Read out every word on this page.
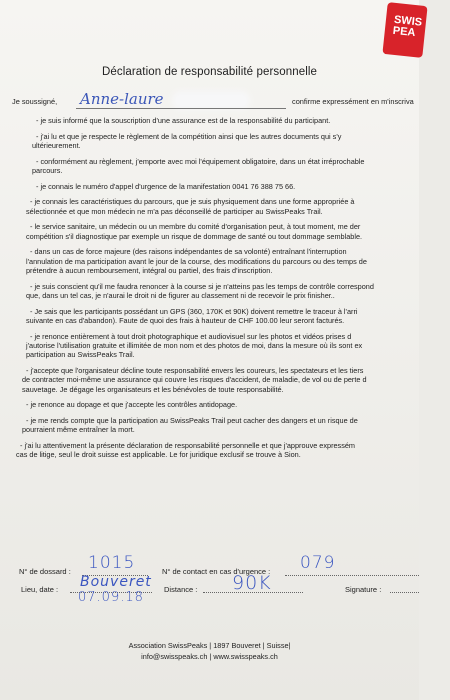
SWIS
PEA
Déclaration de responsabilité personnelle
Je soussigné, Anne-laure	confirme expressément en m'inscriva
- je suis informé que la souscription d'une assurance est de la responsabilité du participant.
- j'ai lu et que je respecte le règlement de la compétition ainsi que les autres documents qui s'y
ultérieurement.
- conformément au règlement, j'emporte avec moi l'équipement obligatoire, dans un état irréprochable
parcours.
- je connais le numéro d'appel d'urgence de la manifestation 0041 76 388 75 66.
- je connais les caractéristiques du parcours, que je suis physiquement dans une forme appropriée à
sélectionnée et que mon médecin ne m'a pas déconseillé de participer au SwissPeaks Trail.
- le service sanitaire, un médecin ou un membre du comité d'organisation peut, à tout moment, me der
compétition s'il diagnostique par exemple un risque de dommage de santé ou tout dommage semblable.
- dans un cas de force majeure (des raisons indépendantes de sa volonté) entraînant l'interruption
l'annulation de ma participation avant le jour de la course, des modifications du parcours ou des temps de
prétendre à aucun remboursement, intégral ou partiel, des frais d'inscription.
- je suis conscient qu'il me faudra renoncer à la course si je n'atteins pas les temps de contrôle correspond
que, dans un tel cas, je n'aurai le droit ni de figurer au classement ni de recevoir le prix finisher..
- Je sais que les participants possédant un GPS (360, 170K et 90K) doivent remettre le traceur à l'arri
suivante en cas d'abandon). Faute de quoi des frais à hauteur de CHF 100.00 leur seront facturés.
- je renonce entièrement à tout droit photographique et audiovisuel sur les photos et vidéos prises d
j'autorise l'utilisation gratuite et illimitée de mon nom et des photos de moi, dans la mesure où ils sont ex
participation au SwissPeaks Trail.
- j'accepte que l'organisateur décline toute responsabilité envers les coureurs, les spectateurs et les tiers
de contracter moi-même une assurance qui couvre les risques d'accident, de maladie, de vol ou de perte d
sauvetage. Je dégage les organisateurs et les bénévoles de toute responsabilité.
- je renonce au dopage et que j'accepte les contrôles antidopage.
- je me rends compte que la participation au SwissPeaks Trail peut cacher des dangers et un risque de
pourraient même entraîner la mort.
- j'ai lu attentivement la présente déclaration de responsabilité personnelle et que j'approuve expressém
cas de litige, seul le droit suisse est applicable. Le for juridique exclusif se trouve à Sion.
N° de dossard : 1015	N° de contact en cas d'urgence : 079
Lieu, date : Bouveret
07.09.18
Distance : 90K	Signature :
Association SwissPeaks | 1897 Bouveret | Suisse|
info@swisspeaks.ch | www.swisspeaks.ch
